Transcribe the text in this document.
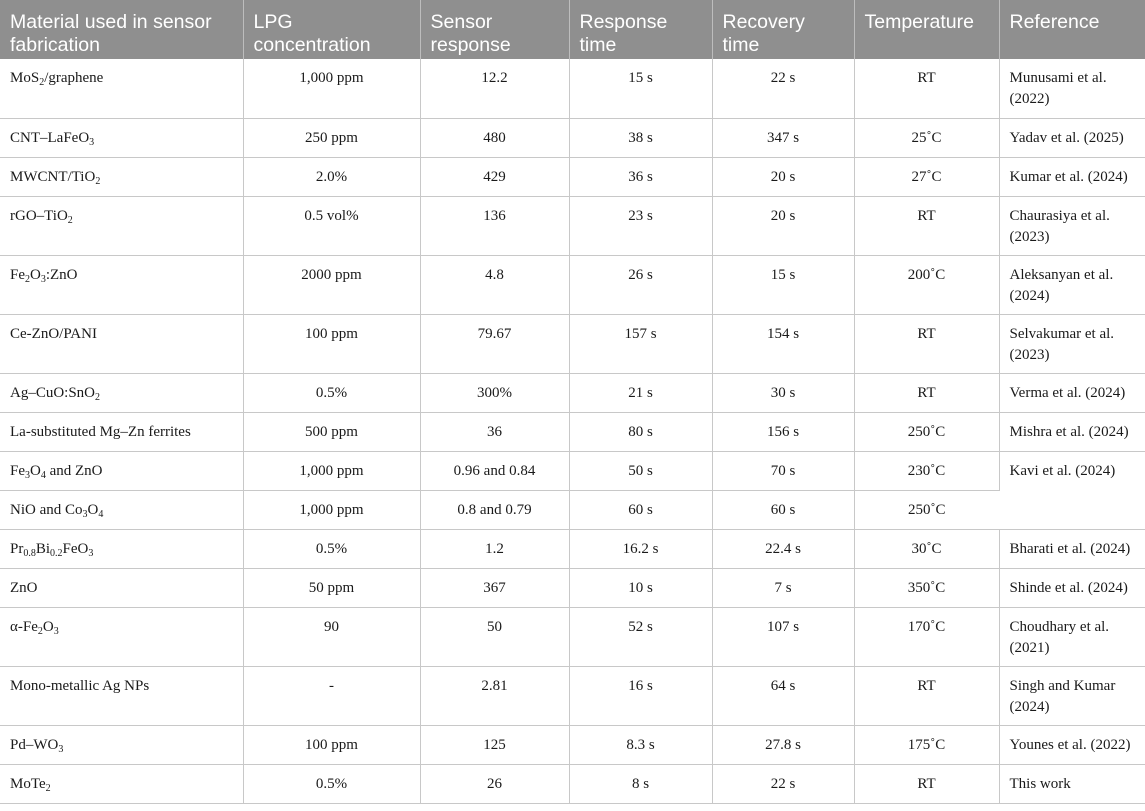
Material used in sensor fabrication	LPG concentration	Sensor response	Response time	Recovery time	Temperature	Reference
MoS$_2$/graphene	1,000 ppm	12.2	15 s	22 s	RT	Munusami et al. (2022)
CNT–LaFeO$_3$	250 ppm	480	38 s	347 s	25˚C	Yadav et al. (2025)
MWCNT/TiO$_2$	2.0%	429	36 s	20 s	27˚C	Kumar et al. (2024)
rGO–TiO$_2$	0.5 vol%	136	23 s	20 s	RT	Chaurasiya et al. (2023)
$Fe_2O_3:ZnO$	2000 ppm	4.8	26 s	15 s	200˚C	Aleksanyan et al. (2024)
Ce-ZnO/PANI	100 ppm	79.67	157 s	154 s	RT	Selvakumar et al. (2023)
Ag–CuO:SnO$_2$	0.5%	300%	21 s	30 s	RT	Verma et al. (2024)
La-substituted Mg–Zn ferrites	500 ppm	36	80 s	156 s	250˚C	Mishra et al. (2024)
$Fe_3O_4$ and ZnO	1,000 ppm	0.96 and 0.84	50 s	70 s	230˚C	Kavi et al. (2024)
NiO and $Co_3O_4$	1,000 ppm	0.8 and 0.79	60 s	60 s	250˚C	
$Pr_{0.8}Bi_{0.2}FeO_3$	0.5%	1.2	16.2 s	22.4 s	30˚C	Bharati et al. (2024)
ZnO	50 ppm	367	10 s	7 s	350˚C	Shinde et al. (2024)
$\alpha-Fe_2O_3$	90	50	52 s	107 s	170˚C	Choudhary et al. (2021)
Mono-metallic Ag NPs	-	2.81	16 s	64 s	RT	Singh and Kumar (2024)
$Pd-WO_3$	100 ppm	125	8.3 s	27.8 s	175˚C	Younes et al. (2022)
MoTe$_2$	0.5%	26	8 s	22 s	RT	This work
